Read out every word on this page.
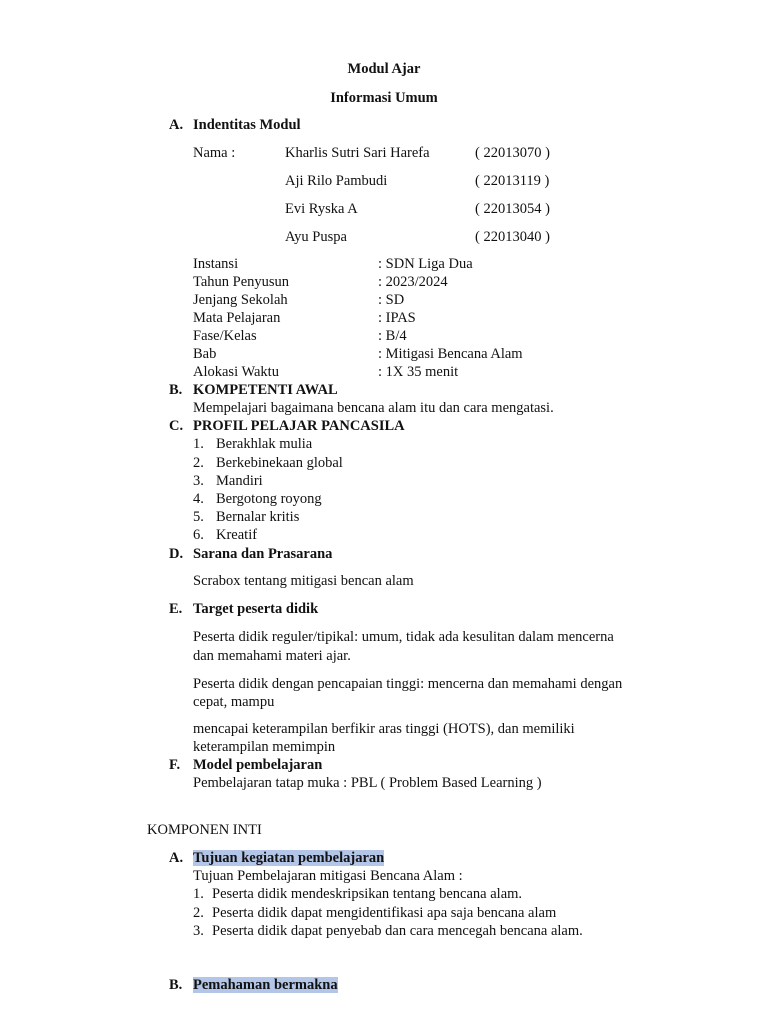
Modul Ajar
Informasi Umum
A. Indentitas Modul
Nama :	Kharlis Sutri Sari Harefa	( 22013070 )
Aji Rilo Pambudi	( 22013119 )
Evi Ryska A	( 22013054 )
Ayu Puspa	( 22013040 )
Instansi	: SDN Liga Dua
Tahun Penyusun	: 2023/2024
Jenjang Sekolah	: SD
Mata Pelajaran	: IPAS
Fase/Kelas	: B/4
Bab	: Mitigasi Bencana Alam
Alokasi Waktu	: 1X 35 menit
B. KOMPETENTI AWAL
Mempelajari bagaimana bencana alam itu dan cara mengatasi.
C. PROFIL PELAJAR PANCASILA
1. Berakhlak mulia
2. Berkebinekaan global
3. Mandiri
4. Bergotong royong
5. Bernalar kritis
6. Kreatif
D. Sarana dan Prasarana
Scrabox tentang mitigasi bencan alam
E. Target peserta didik
Peserta didik reguler/tipikal: umum, tidak ada kesulitan dalam mencerna
dan memahami materi ajar.
Peserta didik dengan pencapaian tinggi: mencerna dan memahami dengan
cepat, mampu
mencapai keterampilan berfikir aras tinggi (HOTS), dan memiliki
keterampilan memimpin
F. Model pembelajaran
Pembelajaran tatap muka : PBL ( Problem Based Learning )
KOMPONEN INTI
A. Tujuan kegiatan pembelajaran
Tujuan Pembelajaran mitigasi Bencana Alam :
1. Peserta didik mendeskripsikan tentang bencana alam.
2. Peserta didik dapat mengidentifikasi apa saja bencana alam
3. Peserta didik dapat penyebab dan cara mencegah bencana alam.
B. Pemahaman bermakna
